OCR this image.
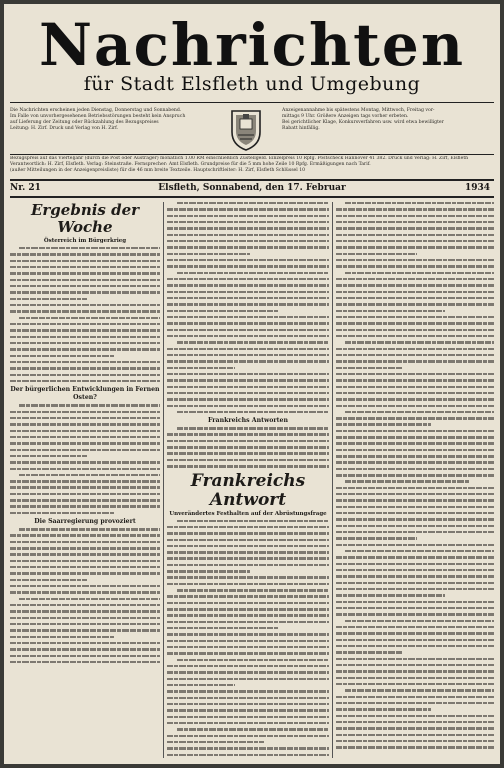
Nachrichten
für Stadt Elsfleth und Umgebung
Die Nachrichten erscheinen jeden Dienstag, Donnerstag und Sonnabend.
Im Falle von unvorhergesehenen Betriebsstörungen besteht kein Anspruch
auf Lieferung der Zeitung oder Rückzahlung des Bezugspreises
Leitung: H. Zirf. Druck und Verlag von H. Zirf.
Anzeigenannahme bis spätestens Montag, Mittwoch, Freitag vor-
mittags 9 Uhr. Größere Anzeigen tags vorher erbeten.
Bei gerichtlicher Klage, Konkursverfahren usw. wird etwa bewilligter
Rabatt hinfällig.
Bezugspreis auf das Vierteljahr (durch die Post oder Austräger) monatlich 1.00 RM einschließlich Zustellgeld. Einzelpreis 10 Rpfg. Postscheck Hannover 41 382. Druck und Verlag: H. Zirf, Elsfleth
Verantwortlich: H. Zirf, Elsfleth. Verlag: Steinstraße. Fernsprecher: Amt Elsfleth. Grundpreise für die 5 mm hohe Zeile 10 Rpfg. Ermäßigungen nach Tarif.
(außer Mitteilungen in der Anzeigenpreisliste) für die 46 mm breite Textzeile. Hauptschriftleiter: H. Zirf, Elsfleth Schlüssel 10
Nr. 21	Elsfleth, Sonnabend, den 17. Februar	1934
Ergebnis der Woche
Österreich im Bürgerkrieg
Der bürgerlichen Entwicklungen in Fernen Osten?
Die Saarregierung provoziert
Frankreichs Antworten
Frankreichs Antwort
Unverändertes Festhalten auf der Abrüstungsfrage
